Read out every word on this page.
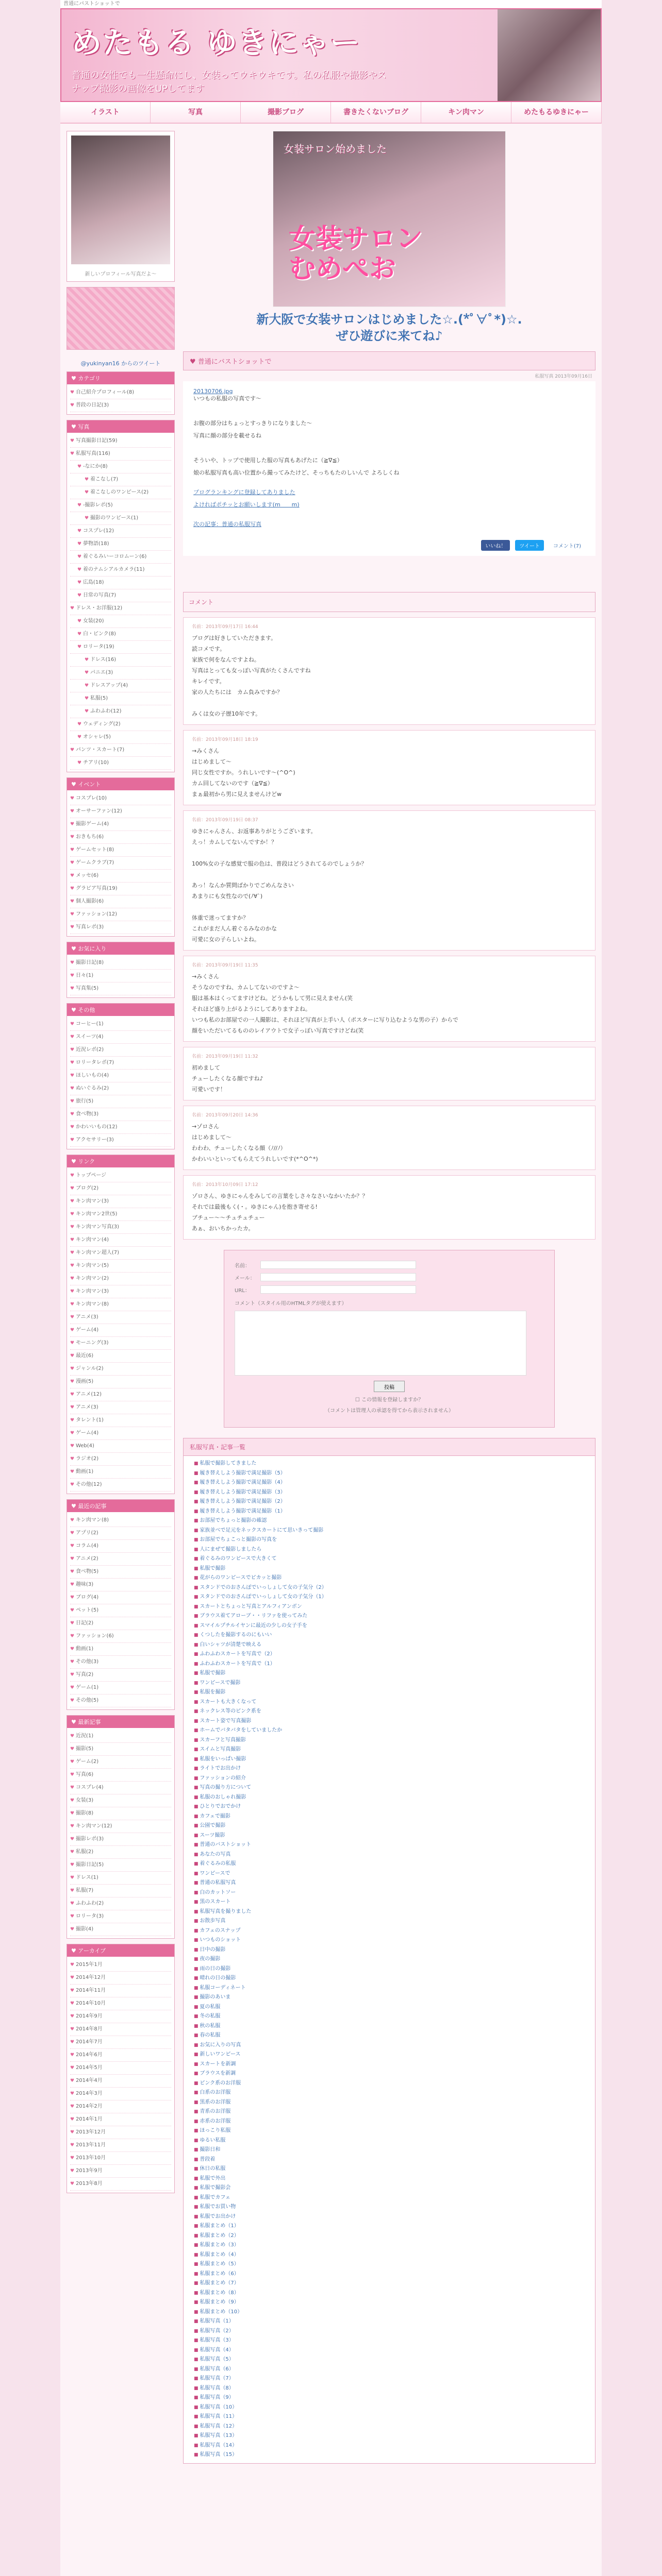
普通にパストショットで
めたもる ゆきにゃー
普通の女性でも一生懸命にし、女装ってウキウキです。私の私服や撮影やスナップ撮影の画像をUPしてます
イラスト	写真	撮影ブログ	書きたくないブログ	キン肉マン	めたもるゆきにゃー
新しいプロフィール写真だよ～
@yukinyan16 からのツイート
♥ カテゴリ
♥ 自己紹介プロフィール(8)
♥ 普段の日記(3)
♥ 写真
♥ 写真撮影日記(59)
♥ 私服写真(116)
♥ -なにか(8)
♥ 着こなし(7)
♥ 着こなしのワンピース(2)
♥ -撮影レポ(5)
♥ 撮影のワンピース(1)
♥ コスプレ(12)
♥ 夢物語(18)
♥ 着ぐるみいーコロムーン(6)
♥ 着のナムシアルカメラ(11)
♥ 広島(18)
♥ 日常の写真(7)
♥ ドレス・お洋服(12)
♥ 女装(20)
♥ 白・ピンク(8)
♥ ロリータ(19)
♥ ドレス(16)
♥ パニエ(3)
♥ ドレスアップ(4)
♥ 私服(5)
♥ ふわふわ(12)
♥ ウェディング(2)
♥ オシャレ(5)
♥ パンツ・スカート(7)
♥ チアリ(10)
♥ イベント
♥ コスプレ(10)
♥ オーサーファン(12)
♥ 撮影ゲーム(4)
♥ おきもち(6)
♥ ゲームセット(8)
♥ ゲームクラブ(7)
♥ メッセ(6)
♥ グラビア写真(19)
♥ 個人撮影(6)
♥ ファッション(12)
♥ 写真レポ(3)
♥ お気に入り
♥ 撮影日記(8)
♥ 日々(1)
♥ 写真集(5)
♥ その他
♥ コーヒー(1)
♥ スイーツ(4)
♥ 近況レポ(2)
♥ ロリータレポ(7)
♥ ほしいもの(4)
♥ ぬいぐるみ(2)
♥ 旅行(5)
♥ 食べ物(3)
♥ かわいいもの(12)
♥ アクセサリー(3)
♥ リンク
♥ トップページ
♥ ブログ(2)
♥ キン肉マン(3)
♥ キン肉マン2世(5)
♥ キン肉マン写真(3)
♥ キン肉マン(4)
♥ キン肉マン超人(7)
♥ キン肉マン(5)
♥ キン肉マン(2)
♥ キン肉マン(3)
♥ キン肉マン(8)
♥ アニメ(3)
♥ ゲーム(4)
♥ モーニング(3)
♥ 最近(6)
♥ ジャンル(2)
♥ 漫画(5)
♥ アニメ(12)
♥ アニメ(3)
♥ タレント(1)
♥ ゲーム(4)
♥ Web(4)
♥ ラジオ(2)
♥ 動画(1)
♥ その他(12)
♥ 最近の記事
♥ キン肉マン(8)
♥ アプリ(2)
♥ コラム(4)
♥ アニメ(2)
♥ 食べ物(5)
♥ 趣味(3)
♥ ブログ(4)
♥ ペット(5)
♥ 日記(2)
♥ ファッション(6)
♥ 動画(1)
♥ その他(3)
♥ 写真(2)
♥ ゲーム(1)
♥ その他(5)
♥ 最新記事
♥ 近況(1)
♥ 撮影(5)
♥ ゲーム(2)
♥ 写真(6)
♥ コスプレ(4)
♥ 女装(3)
♥ 撮影(8)
♥ キン肉マン(12)
♥ 撮影レポ(3)
♥ 私服(2)
♥ 撮影日記(5)
♥ ドレス(1)
♥ 私服(7)
♥ ふわふわ(2)
♥ ロリータ(3)
♥ 撮影(4)
♥ アーカイブ
♥ 2015年1月
♥ 2014年12月
♥ 2014年11月
♥ 2014年10月
♥ 2014年9月
♥ 2014年8月
♥ 2014年7月
♥ 2014年6月
♥ 2014年5月
♥ 2014年4月
♥ 2014年3月
♥ 2014年2月
♥ 2014年1月
♥ 2013年12月
♥ 2013年11月
♥ 2013年10月
♥ 2013年9月
♥ 2013年8月
女装サロン始めました
女装サロン
むめぺお
新大阪で女装サロンはじめました☆.(*ﾟ∀ﾟ*)☆.
ぜひ遊びに来てね♪
♥ 普通にバストショットで
私服写真 2013年09月16日
20130706.jpg
いつもの私服の写真です〜
お腹の部分はちょっとすっきりになりました〜
写真に顔の部分を載せるね
そういや、トップで使用した服の写真もあげたに（≧∇≦）
娘の私服写真も高い位置から撮ってみたけど、そっちもたのしいんで よろしくね
プログランキングに登録してありました
よければポチッとお願いします(m＿＿m)
次の記事：普通の私服写真
いいね！	ツイート	コメント(7)
コメント
名前：2013年09月17日 16:44
ブログは好きしていただきます。
読コメです。
家族で何をなんですよね。
写真はとっても女っぽい写真がたくさんですね
キレイです。
家の人たちには　カム負みですか？

みくは女の子歴10年です。
名前：2013年09月18日 18:19
→みくさん
はじめまして〜
同じ女性ですか。うれしいです〜(^O^)
カム回してないのです（≧∇≦）
まぁ最初から男に見えませんけどw
名前：2013年09月19日 08:37
ゆきにゃんさん、お返事ありがとうございます。
えっ！カムしてないんですか！？

100%女の子な感覚で服の色は、普段はどうされてるのでしょうか？

あっ！なんか質問ばかりでごめんなさい
あまりにも女性なので(ﾉ∀`)

体重で迷ってますか？
これがまだ人ん着ぐるみなのかな
可愛に女の子らしいよね。
名前：2013年09月19日 11:35
→みくさん
そうなのですね、カムしてないのですよ〜
服は基本はくってますけどね。どうかもして男に見えません(笑
それほど盛り上がるようにしてありますよね。
いつも私のお部屋での一人撮影は、それほど写真が上手い人（ポスターに写り込むような男の子）からで
顔をいただいてるもののレイアウトで女子っぽい写真ですけどね(笑
名前：2013年09月19日 11:32
初めまして
チューしたくなる顔ですね♪
可愛いです！
名前：2013年09月20日 14:36
→ゾロさん
はじめまして〜
わわわ、チューしたくなる顔（ﾉ//ﾉ）
かわいいといってもらえてうれしいです(*^O^*)
名前：2013年10月09日 17:12
ゾロさん、ゆきにゃんをみしての言葉をしさ々なさいなかいたか？？
それでは最後もく(・。ゆきにゃん)を抱き寄せる!
ブチュー〜〜チュチュチュー
あぁ、おいちかったカ。
名前：
メール：
URL：
コメント（スタイル用のHTMLタグが使えます）
投稿
☐ この情報を登録しますか？
（コメントは管理人の承認を得てから表示されません）
私服写真・記事一覧
■ 私服で撮影してきました
■ 履き替えしよう撮影で満足撮影（5）
■ 履き替えしよう撮影で満足撮影（4）
■ 履き替えしよう撮影で満足撮影（3）
■ 履き替えしよう撮影で満足撮影（2）
■ 履き替えしよう撮影で満足撮影（1）
■ お部屋でちょっと撮影の確認
■ 家族並べで足元をネックスカートにて思いきって撮影
■ お部屋でちょこっと撮影の写真を
■ 人にまぜて撮影しましたら
■ 着ぐるみのワンピースで大きくて
■ 私服で撮影
■ 花がらのワンピースでピカッと撮影
■ スタンドでのおさんぽでいっしょして女の子気分（2）
■ スタンドでのおさんぽでいっしょして女の子気分（1）
■ スカートとちょっと写真とアルフィアンボン
■ ブラウス着てアローブ・・リファを使ってみた
■ スマイルプチルイヤンに最近の少しの女子手を
■ くつしたを撮影するのにもいい
■ 白いシャツが清楚で映える
■ ふわふわスカートを写真で（2）
■ ふわふわスカートを写真で（1）
■ 私服で撮影
■ ワンピースで撮影
■ 私服を撮影
■ スカートも大きくなって
■ ネックレス等のピンク系を
■ スカート姿で写真撮影
■ ホームでバタバタをしていましたか
■ スカーフと写真撮影
■ スイムと写真撮影
■ 私服をいっぱい撮影
■ ライトでお出かけ
■ ファッションの紹介
■ 写真の撮り方について
■ 私服のおしゃれ撮影
■ ひとりでおでかけ
■ カフェで撮影
■ 公園で撮影
■ スーツ撮影
■ 普通のバストショット
■ あなたの写真
■ 着ぐるみの私服
■ ワンピースで
■ 普通の私服写真
■ 白のカットソー
■ 黒のスカート
■ 私服写真を撮りました
■ お散歩写真
■ カフェのスナップ
■ いつものショット
■ 日中の撮影
■ 夜の撮影
■ 雨の日の撮影
■ 晴れの日の撮影
■ 私服コーディネート
■ 撮影のあいま
■ 夏の私服
■ 冬の私服
■ 秋の私服
■ 春の私服
■ お気に入りの写真
■ 新しいワンピース
■ スカートを新調
■ ブラウスを新調
■ ピンク系のお洋服
■ 白系のお洋服
■ 黒系のお洋服
■ 青系のお洋服
■ 赤系のお洋服
■ ほっこり私服
■ ゆるい私服
■ 撮影日和
■ 普段着
■ 休日の私服
■ 私服で外出
■ 私服で撮影会
■ 私服でカフェ
■ 私服でお買い物
■ 私服でお出かけ
■ 私服まとめ（1）
■ 私服まとめ（2）
■ 私服まとめ（3）
■ 私服まとめ（4）
■ 私服まとめ（5）
■ 私服まとめ（6）
■ 私服まとめ（7）
■ 私服まとめ（8）
■ 私服まとめ（9）
■ 私服まとめ（10）
■ 私服写真（1）
■ 私服写真（2）
■ 私服写真（3）
■ 私服写真（4）
■ 私服写真（5）
■ 私服写真（6）
■ 私服写真（7）
■ 私服写真（8）
■ 私服写真（9）
■ 私服写真（10）
■ 私服写真（11）
■ 私服写真（12）
■ 私服写真（13）
■ 私服写真（14）
■ 私服写真（15）
